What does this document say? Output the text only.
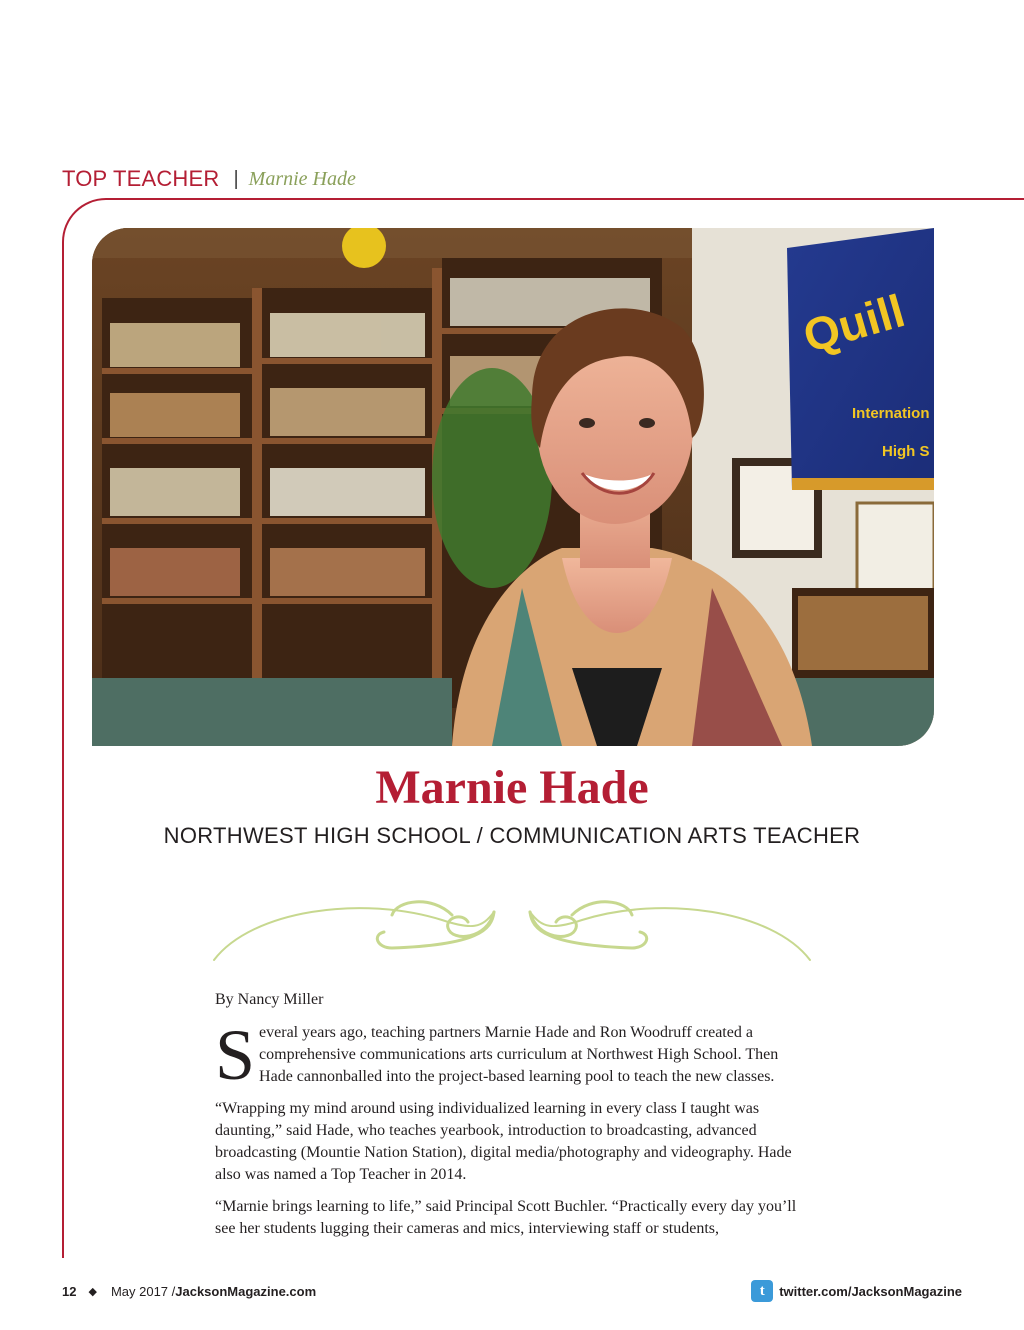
TOP TEACHER | Marnie Hade
Quill
Internation
High S
Marnie Hade
NORTHWEST HIGH SCHOOL / COMMUNICATION ARTS TEACHER
By Nancy Miller

Several years ago, teaching partners Marnie Hade and Ron Woodruff created a comprehensive communications arts curriculum at Northwest High School. Then Hade cannonballed into the project-based learning pool to teach the new classes.

“Wrapping my mind around using individualized learning in every class I taught was daunting,” said Hade, who teaches yearbook, introduction to broadcasting, advanced broadcasting (Mountie Nation Station), digital media/photography and videography. Hade also was named a Top Teacher in 2014.

“Marnie brings learning to life,” said Principal Scott Buchler. “Practically every day you’ll see her students lugging their cameras and mics, interviewing staff or students,

12 ◆ May 2017 / JacksonMagazine.com	t	twitter.com/JacksonMagazine
